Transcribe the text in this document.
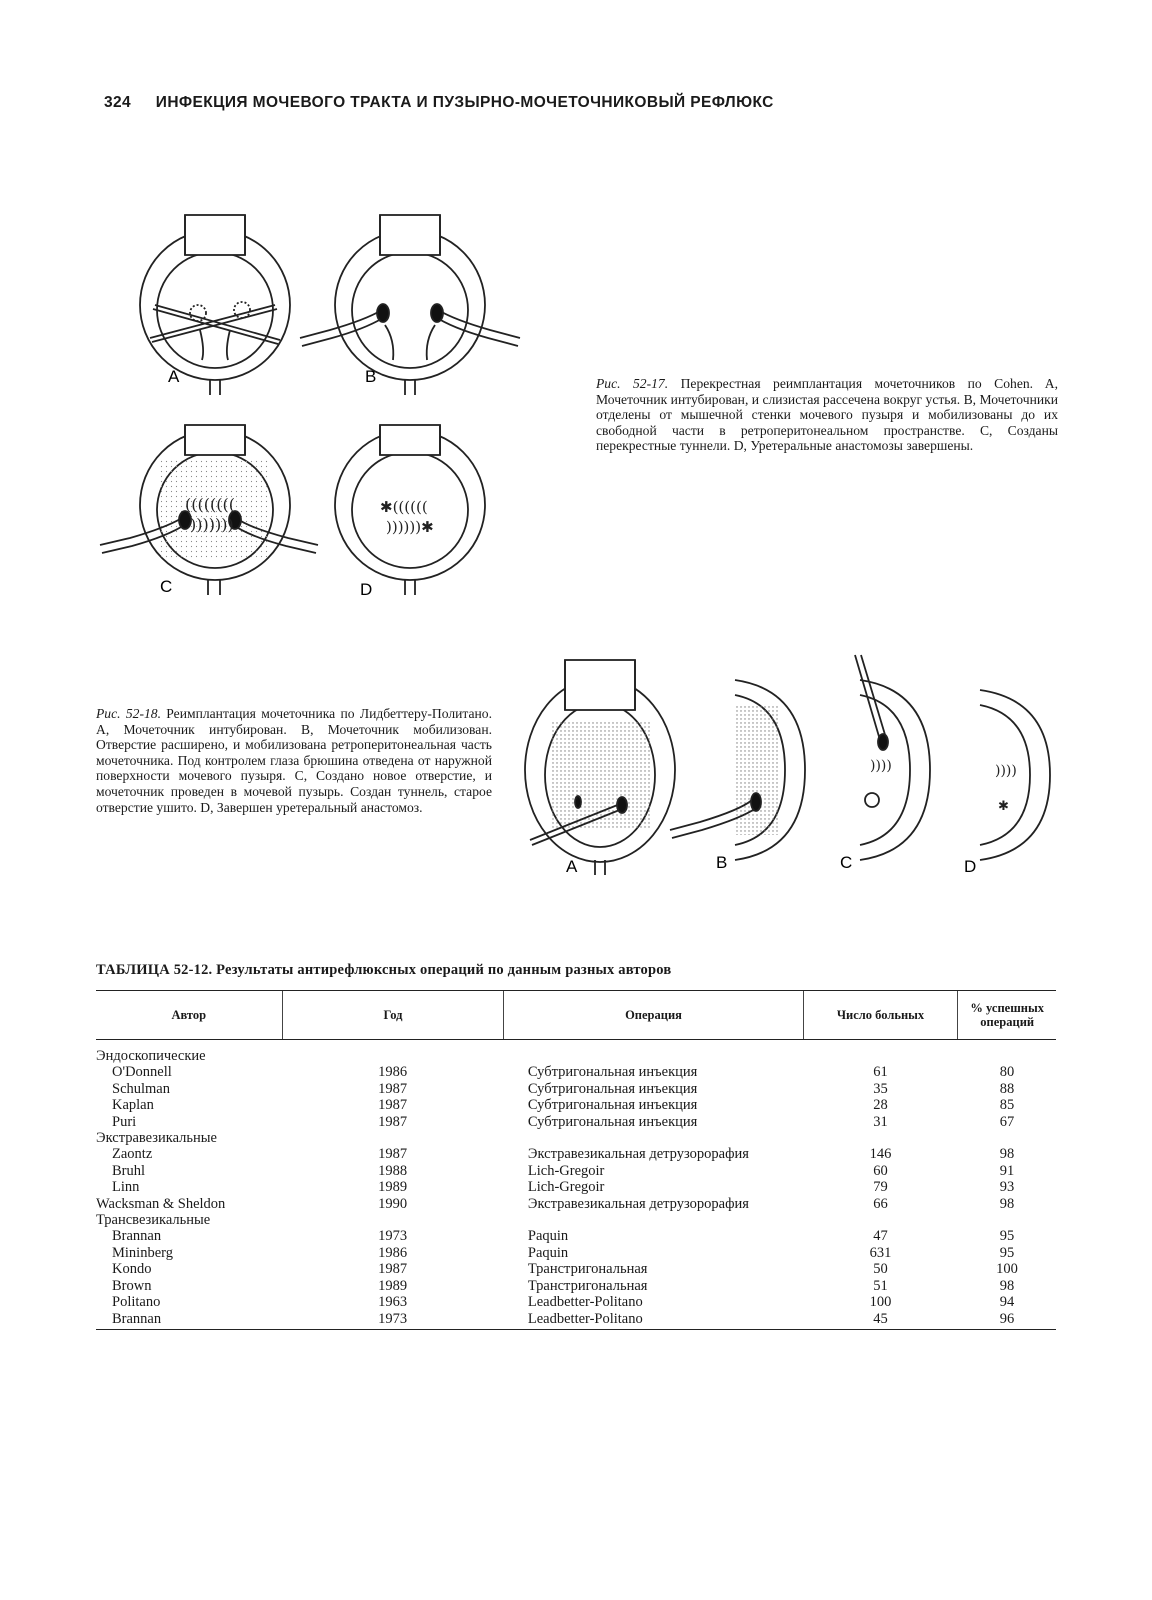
324 ИНФЕКЦИЯ МОЧЕВОГО ТРАКТА И ПУЗЫРНО-МОЧЕТОЧНИКОВЫЙ РЕФЛЮКС
((((((((
)))))))
✱((((((
))))))✱
A	B
C	D
Рис. 52-17. Перекрестная реимплантация мочеточников по Cohen. A, Мочеточник интубирован, и слизистая рассечена вокруг устья. B, Мочеточники отделены от мышечной стенки мочевого пузыря и мобилизованы до их свободной части в ретроперитонеальном пространстве. C, Созданы перекрестные туннели. D, Уретеральные анастомозы завершены.
Рис. 52-18. Реимплантация мочеточника по Лидбеттеру-Политано. A, Мочеточник интубирован. B, Мочеточник мобилизован. Отверстие расширено, и мобилизована ретроперитонеальная часть мочеточника. Под контролем глаза брюшина отведена от наружной поверхности мочевого пузыря. C, Создано новое отверстие, и мочеточник проведен в мочевой пузырь. Создан туннель, старое отверстие ушито. D, Завершен уретеральный анастомоз.
))))	))))
✱
A	B	C	D
ТАБЛИЦА 52-12. Результаты антирефлюксных операций по данным разных авторов
Автор	Год	Операция	Число больных	% успешных операций
Эндоскопические				
O'Donnell	1986	Субтригональная инъекция	61	80
Schulman	1987	Субтригональная инъекция	35	88
Kaplan	1987	Субтригональная инъекция	28	85
Puri	1987	Субтригональная инъекция	31	67
Экстравезикальные				
Zaontz	1987	Экстравезикальная детрузорорафия	146	98
Bruhl	1988	Lich-Gregoir	60	91
Linn	1989	Lich-Gregoir	79	93
Wacksman & Sheldon	1990	Экстравезикальная детрузорорафия	66	98
Трансвезикальные				
Brannan	1973	Paquin	47	95
Mininberg	1986	Paquin	631	95
Kondo	1987	Транстригональная	50	100
Brown	1989	Транстригональная	51	98
Politano	1963	Leadbetter-Politano	100	94
Brannan	1973	Leadbetter-Politano	45	96
